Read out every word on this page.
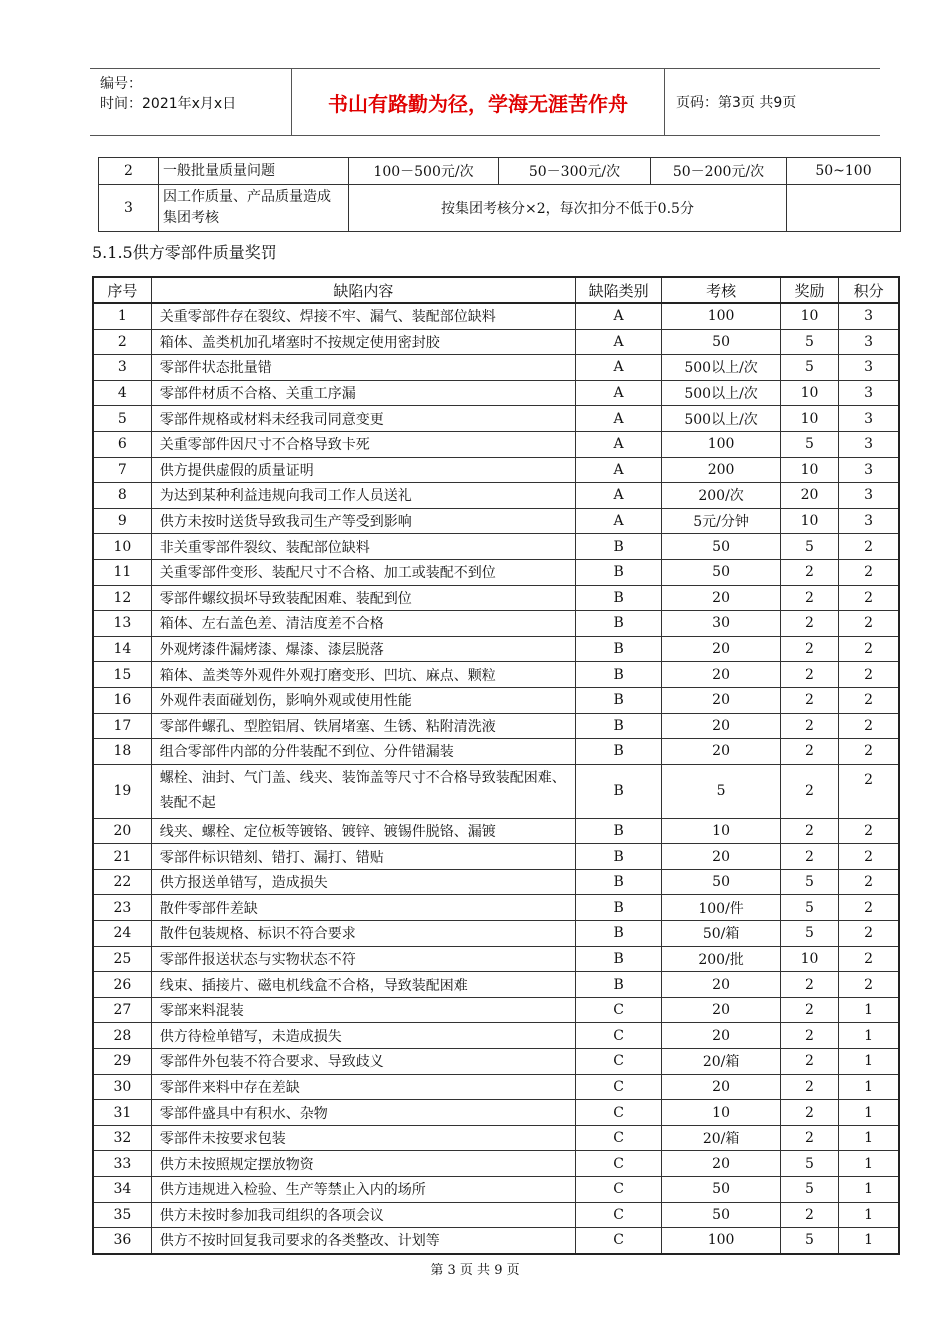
编号：
时间：2021年x月x日	书山有路勤为径，学海无涯苦作舟	页码：第3页 共9页
2	一般批量质量问题	100－500元/次	50－300元/次	50－200元/次	50~100
3	因工作质量、产品质量造成集团考核	按集团考核分×2，每次扣分不低于0.5分			
5.1.5供方零部件质量奖罚
序号	缺陷内容	缺陷类别	考核	奖励	积分
1	关重零部件存在裂纹、焊接不牢、漏气、装配部位缺料	A	100	10	3
2	箱体、盖类机加孔堵塞时不按规定使用密封胶	A	50	5	3
3	零部件状态批量错	A	500以上/次	5	3
4	零部件材质不合格、关重工序漏	A	500以上/次	10	3
5	零部件规格或材料未经我司同意变更	A	500以上/次	10	3
6	关重零部件因尺寸不合格导致卡死	A	100	5	3
7	供方提供虚假的质量证明	A	200	10	3
8	为达到某种利益违规向我司工作人员送礼	A	200/次	20	3
9	供方未按时送货导致我司生产等受到影响	A	5元/分钟	10	3
10	非关重零部件裂纹、装配部位缺料	B	50	5	2
11	关重零部件变形、装配尺寸不合格、加工或装配不到位	B	50	2	2
12	零部件螺纹损坏导致装配困难、装配到位	B	20	2	2
13	箱体、左右盖色差、清洁度差不合格	B	30	2	2
14	外观烤漆件漏烤漆、爆漆、漆层脱落	B	20	2	2
15	箱体、盖类等外观件外观打磨变形、凹坑、麻点、颗粒	B	20	2	2
16	外观件表面碰划伤，影响外观或使用性能	B	20	2	2
17	零部件螺孔、型腔铝屑、铁屑堵塞、生锈、粘附清洗液	B	20	2	2
18	组合零部件内部的分件装配不到位、分件错漏装	B	20	2	2
19	螺栓、油封、气门盖、线夹、装饰盖等尺寸不合格导致装配困难、装配不起	B	5	2	2
20	线夹、螺栓、定位板等镀铬、镀锌、镀锡件脱铬、漏镀	B	10	2	2
21	零部件标识错刻、错打、漏打、错贴	B	20	2	2
22	供方报送单错写，造成损失	B	50	5	2
23	散件零部件差缺	B	100/件	5	2
24	散件包装规格、标识不符合要求	B	50/箱	5	2
25	零部件报送状态与实物状态不符	B	200/批	10	2
26	线束、插接片、磁电机线盒不合格，导致装配困难	B	20	2	2
27	零部来料混装	C	20	2	1
28	供方待检单错写，未造成损失	C	20	2	1
29	零部件外包装不符合要求、导致歧义	C	20/箱	2	1
30	零部件来料中存在差缺	C	20	2	1
31	零部件盛具中有积水、杂物	C	10	2	1
32	零部件未按要求包装	C	20/箱	2	1
33	供方未按照规定摆放物资	C	20	5	1
34	供方违规进入检验、生产等禁止入内的场所	C	50	5	1
35	供方未按时参加我司组织的各项会议	C	50	2	1
36	供方不按时回复我司要求的各类整改、计划等	C	100	5	1
第 3 页 共 9 页
